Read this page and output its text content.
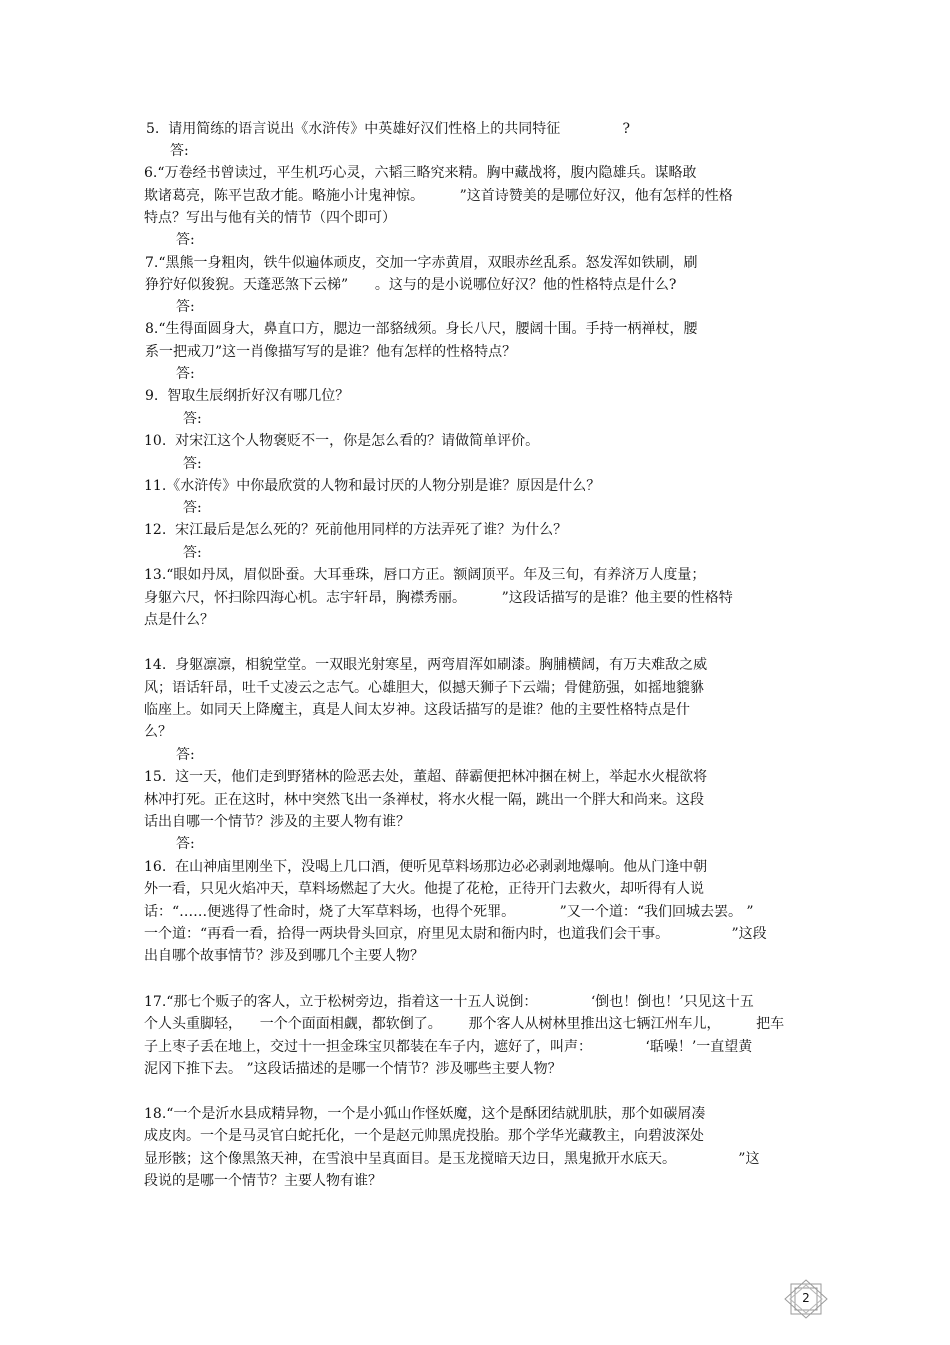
5.  请用简练的语言说出《水浒传》中英雄好汉们性格上的共同特征              ?
答:
6.“万卷经书曾读过，平生机巧心灵，六韬三略究来精。胸中藏战将，腹内隐雄兵。谋略敢
欺诸葛亮，陈平岂敌才能。略施小计鬼神惊。        ”这首诗赞美的是哪位好汉，他有怎样的性格
特点？写出与他有关的情节（四个即可）
答:
7.“黑熊一身粗肉，铁牛似遍体顽皮，交加一字赤黄眉，双眼赤丝乱系。怒发浑如铁刷，刷
狰狞好似狻猊。天蓬恶煞下云梯”      。这与的是小说哪位好汉？他的性格特点是什么?
答:
8.“生得面圆身大，鼻直口方，腮边一部貉绒须。身长八尺，腰阔十围。手持一柄禅杖，腰
系一把戒刀”这一肖像描写写的是谁？他有怎样的性格特点？
答:
9.  智取生辰纲折好汉有哪几位？
答:
10.  对宋江这个人物褒贬不一，你是怎么看的？请做简单评价。
答:
11.《水浒传》中你最欣赏的人物和最讨厌的人物分别是谁？原因是什么？
答:
12.  宋江最后是怎么死的？死前他用同样的方法弄死了谁？为什么？
答:
13.“眼如丹凤，眉似卧蚕。大耳垂珠，唇口方正。额阔顶平。年及三旬，有养济万人度量；
身躯六尺，怀扫除四海心机。志宇轩昂，胸襟秀丽。        ”这段话描写的是谁？他主要的性格特
点是什么？
14.  身躯凛凛，相貌堂堂。一双眼光射寒星，两弯眉浑如刷漆。胸脯横阔，有万夫难敌之威
风；语话轩昂，吐千丈凌云之志气。心雄胆大，似撼天狮子下云端；骨健筋强，如摇地貔貅
临座上。如同天上降魔主，真是人间太岁神。这段话描写的是谁？他的主要性格特点是什
么？
答:
15.  这一天，他们走到野猪林的险恶去处，董超、薛霸便把林冲捆在树上，举起水火棍欲将
林冲打死。正在这时，林中突然飞出一条禅杖，将水火棍一隔，跳出一个胖大和尚来。这段
话出自哪一个情节？涉及的主要人物有谁？
答:
16.  在山神庙里刚坐下，没喝上几口酒，便听见草料场那边必必剥剥地爆响。他从门逢中朝
外一看，只见火焰冲天，草料场燃起了大火。他提了花枪，正待开门去救火，却听得有人说
话：“……便逃得了性命时，烧了大军草料场，也得个死罪。          ”又一个道：“我们回城去罢。 ”
一个道：“再看一看，拾得一两块骨头回京，府里见太尉和衙内时，也道我们会干事。              ”这段
出自哪个故事情节？涉及到哪几个主要人物？
17.“那七个贩子的客人，立于松树旁边，指着这一十五人说倒：            ‘倒也！倒也！’只见这十五
个人头重脚轻，    一个个面面相觑，都软倒了。      那个客人从树林里推出这七辆江州车儿，        把车
子上枣子丢在地上，交过十一担金珠宝贝都装在车子内，遮好了，叫声：            ‘聒噪！’一直望黄
泥冈下推下去。 ”这段话描述的是哪一个情节？涉及哪些主要人物？
18.“一个是沂水县成精异物，一个是小狐山作怪妖魔，这个是酥团结就肌肤，那个如碳屑凑
成皮肉。一个是马灵官白蛇托化，一个是赵元帅黑虎投胎。那个学华光藏教主，向碧波深处
显形骸；这个像黑煞天神，在雪浪中呈真面目。是玉龙搅暗天边日，黑鬼掀开水底天。              ”这
段说的是哪一个情节？主要人物有谁？
2
